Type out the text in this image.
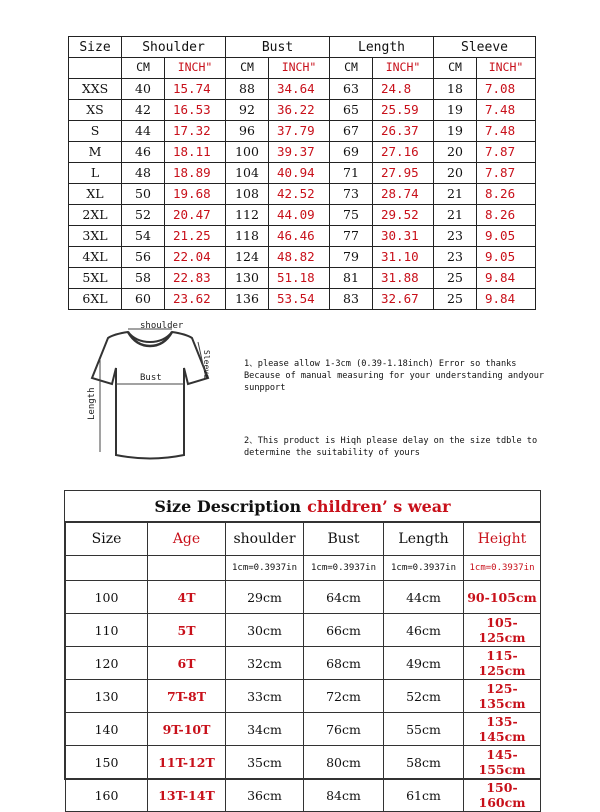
Size	Shoulder		Bust		Length		Sleeve	
	CM	INCH"	CM	INCH"	CM	INCH"	CM	INCH"
XXS	40	15.74	88	34.64	63	24.8	18	7.08
XS	42	16.53	92	36.22	65	25.59	19	7.48
S	44	17.32	96	37.79	67	26.37	19	7.48
M	46	18.11	100	39.37	69	27.16	20	7.87
L	48	18.89	104	40.94	71	27.95	20	7.87
XL	50	19.68	108	42.52	73	28.74	21	8.26
2XL	52	20.47	112	44.09	75	29.52	21	8.26
3XL	54	21.25	118	46.46	77	30.31	23	9.05
4XL	56	22.04	124	48.82	79	31.10	23	9.05
5XL	58	22.83	130	51.18	81	31.88	25	9.84
6XL	60	23.62	136	53.54	83	32.67	25	9.84
shoulder
Bust	Sleeve
Length
1、please allow 1-3cm (0.39-1.18inch) Error so thanks
Because of manual measuring for your understanding andyour
sunpport
2、This product is Hiqh please delay on the size tdble to
determine the suitability of yours
Size Description children’ s wear
Size	Age	shoulder	Bust	Length	Height
		1cm=0.3937in	1cm=0.3937in	1cm=0.3937in	1cm=0.3937in
100	4T	29cm	64cm	44cm	90-105cm
110	5T	30cm	66cm	46cm	105-125cm
120	6T	32cm	68cm	49cm	115-125cm
130	7T-8T	33cm	72cm	52cm	125-135cm
140	9T-10T	34cm	76cm	55cm	135-145cm
150	11T-12T	35cm	80cm	58cm	145-155cm
160	13T-14T	36cm	84cm	61cm	150-160cm
